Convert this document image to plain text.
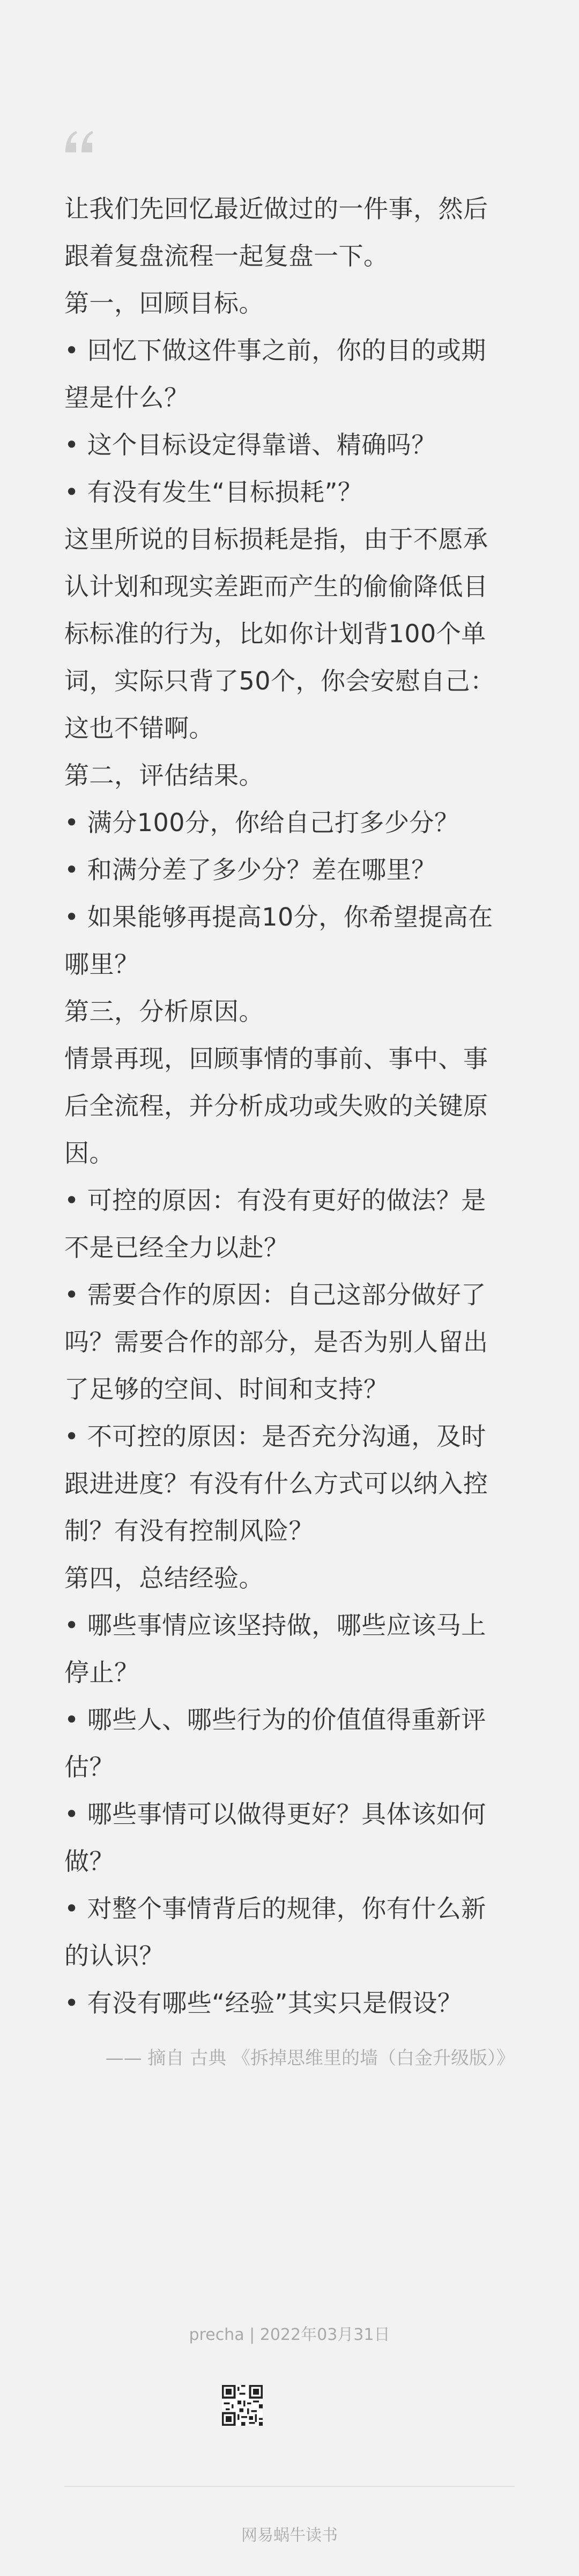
让我们先回忆最近做过的一件事，然后

跟着复盘流程一起复盘一下。

第一，回顾目标。

• 回忆下做这件事之前，你的目的或期

望是什么？

• 这个目标设定得靠谱、精确吗？

• 有没有发生“目标损耗”？

这里所说的目标损耗是指，由于不愿承

认计划和现实差距而产生的偷偷降低目

标标准的行为，比如你计划背100个单

词，实际只背了50个，你会安慰自己：

这也不错啊。

第二，评估结果。

• 满分100分，你给自己打多少分？

• 和满分差了多少分？差在哪里？

• 如果能够再提高10分，你希望提高在

哪里？

第三，分析原因。

情景再现，回顾事情的事前、事中、事

后全流程，并分析成功或失败的关键原

因。

• 可控的原因：有没有更好的做法？是

不是已经全力以赴？

• 需要合作的原因：自己这部分做好了

吗？需要合作的部分，是否为别人留出

了足够的空间、时间和支持？

• 不可控的原因：是否充分沟通，及时

跟进进度？有没有什么方式可以纳入控

制？有没有控制风险？

第四，总结经验。

• 哪些事情应该坚持做，哪些应该马上

停止？

• 哪些人、哪些行为的价值值得重新评

估？

• 哪些事情可以做得更好？具体该如何

做？

• 对整个事情背后的规律，你有什么新

的认识？

• 有没有哪些“经验”其实只是假设？

—— 摘自 古典 《拆掉思维里的墙（白金升级版）》
precha | 2022年03月31日
网易蜗牛读书
